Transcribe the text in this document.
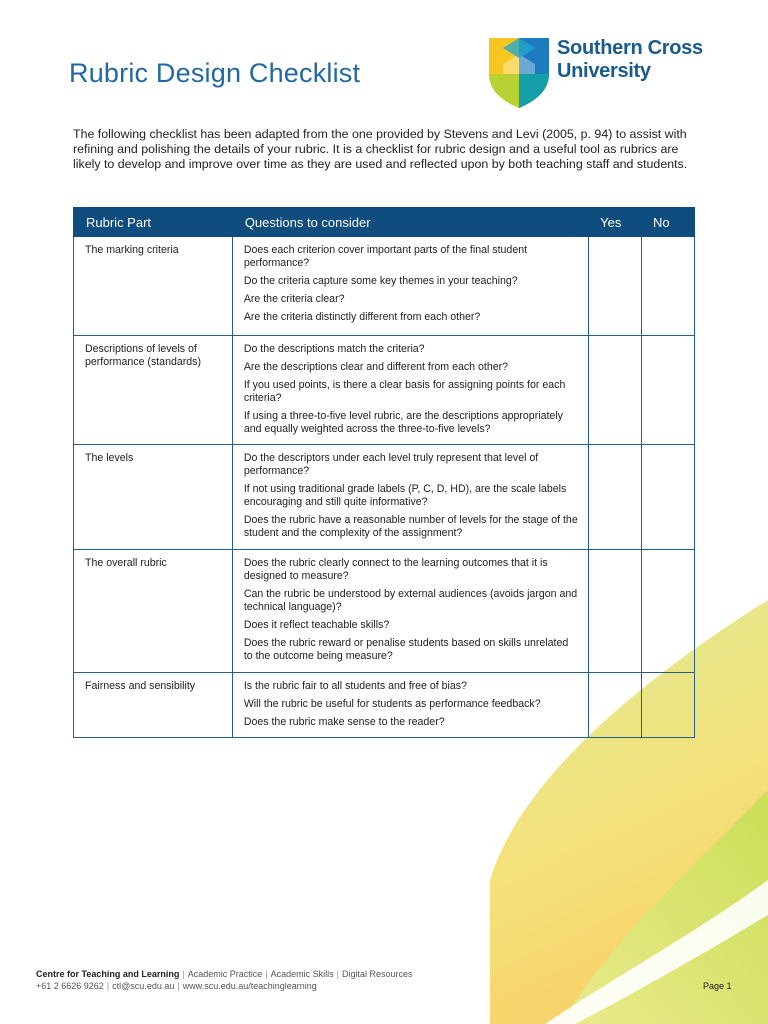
Rubric Design Checklist
Southern Cross
University

The following checklist has been adapted from the one provided by Stevens and Levi (2005, p. 94) to assist with refining and polishing the details of your rubric. It is a checklist for rubric design and a useful tool as rubrics are likely to develop and improve over time as they are used and reflected upon by both teaching staff and students.

Rubric Part	Questions to consider	Yes	No
The marking criteria	Does each criterion cover important parts of the final student performance?
Do the criteria capture some key themes in your teaching?
Are the criteria clear?
Are the criteria distinctly different from each other?		

Descriptions of levels of performance (standards)	Do the descriptions match the criteria?
Are the descriptions clear and different from each other?
If you used points, is there a clear basis for assigning points for each criteria?
If using a three-to-five level rubric, are the descriptions appropriately and equally weighted across the three-to-five levels?		

The levels	Do the descriptors under each level truly represent that level of performance?
If not using traditional grade labels (P, C, D, HD), are the scale labels encouraging and still quite informative?
Does the rubric have a reasonable number of levels for the stage of the student and the complexity of the assignment?		

The overall rubric	Does the rubric clearly connect to the learning outcomes that it is designed to measure?
Can the rubric be understood by external audiences (avoids jargon and technical language)?
Does it reflect teachable skills?
Does the rubric reward or penalise students based on skills unrelated to the outcome being measure?		

Fairness and sensibility	Is the rubric fair to all students and free of bias?
Will the rubric be useful for students as performance feedback?
Does the rubric make sense to the reader?		

Centre for Teaching and Learning | Academic Practice | Academic Skills | Digital Resources
+61 2 6626 9262 | ctl@scu.edu.au | www.scu.edu.au/teachinglearning	Page 1
